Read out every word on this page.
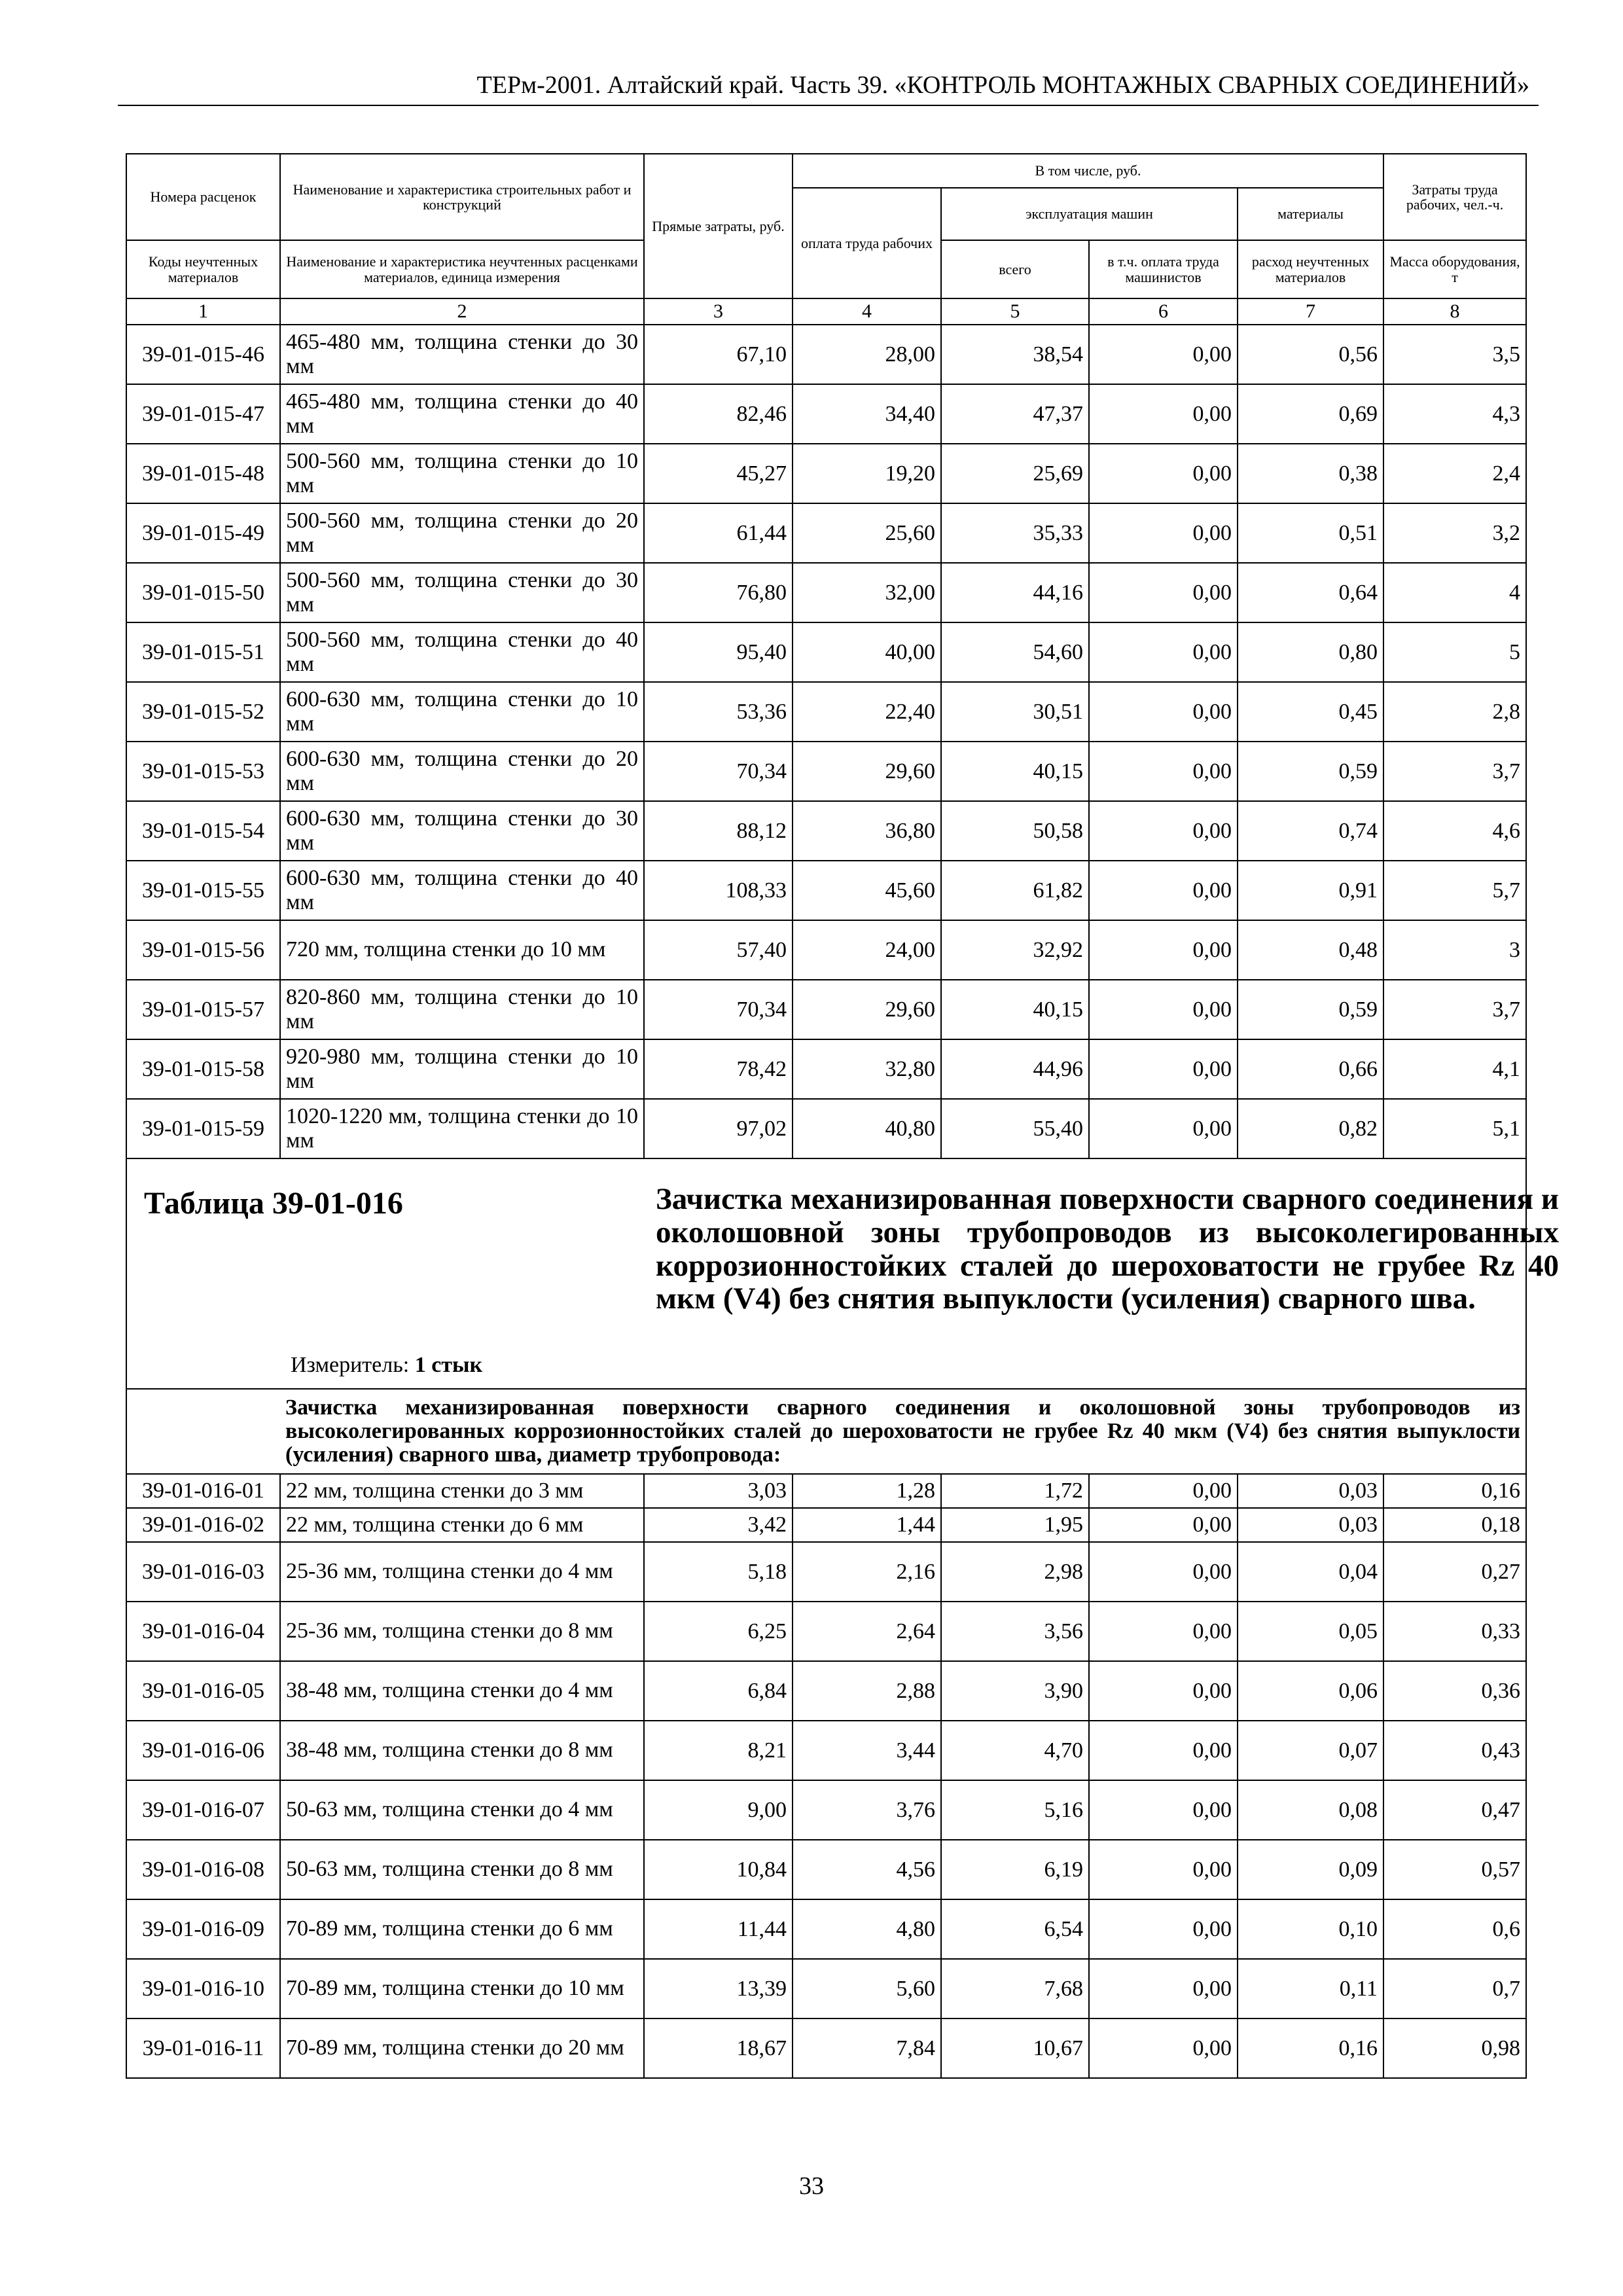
ТЕРм-2001. Алтайский край. Часть 39. «КОНТРОЛЬ МОНТАЖНЫХ СВАРНЫХ СОЕДИНЕНИЙ»
Номера расценок	Наименование и характеристика строительных работ и конструкций	Прямые затраты, руб.	В том числе, руб.				Затраты труда рабочих, чел.-ч.
			оплата труда рабочих	эксплуатация машин		материалы	
Коды неучтенных материалов	Наименование и характеристика неучтенных расценками материалов, единица измерения			всего	в т.ч. оплата труда машинистов	расход неучтенных материалов	Масса оборудования, т
1	2	3	4	5	6	7	8
39-01-015-46	465-480 мм, толщина стенки до 30 мм	67,10	28,00	38,54	0,00	0,56	3,5
39-01-015-47	465-480 мм, толщина стенки до 40 мм	82,46	34,40	47,37	0,00	0,69	4,3
39-01-015-48	500-560 мм, толщина стенки до 10 мм	45,27	19,20	25,69	0,00	0,38	2,4
39-01-015-49	500-560 мм, толщина стенки до 20 мм	61,44	25,60	35,33	0,00	0,51	3,2
39-01-015-50	500-560 мм, толщина стенки до 30 мм	76,80	32,00	44,16	0,00	0,64	4
39-01-015-51	500-560 мм, толщина стенки до 40 мм	95,40	40,00	54,60	0,00	0,80	5
39-01-015-52	600-630 мм, толщина стенки до 10 мм	53,36	22,40	30,51	0,00	0,45	2,8
39-01-015-53	600-630 мм, толщина стенки до 20 мм	70,34	29,60	40,15	0,00	0,59	3,7
39-01-015-54	600-630 мм, толщина стенки до 30 мм	88,12	36,80	50,58	0,00	0,74	4,6
39-01-015-55	600-630 мм, толщина стенки до 40 мм	108,33	45,60	61,82	0,00	0,91	5,7
39-01-015-56	720 мм, толщина стенки до 10 мм	57,40	24,00	32,92	0,00	0,48	3
39-01-015-57	820-860 мм, толщина стенки до 10 мм	70,34	29,60	40,15	0,00	0,59	3,7
39-01-015-58	920-980 мм, толщина стенки до 10 мм	78,42	32,80	44,96	0,00	0,66	4,1
39-01-015-59	1020-1220 мм, толщина стенки до 10 мм	97,02	40,80	55,40	0,00	0,82	5,1

Таблица 39-01-016 Зачистка механизированная поверхности сварного соединения и околошовной зоны трубопроводов из высоколегированных коррозионностойких сталей до шероховатости не грубее Rz 40 мкм (V4) без снятия выпуклости (усиления) сварного шва.
Измеритель: 1 стык							

	Зачистка механизированная поверхности сварного соединения и околошовной зоны трубопроводов из высоколегированных коррозионностойких сталей до шероховатости не грубее Rz 40 мкм (V4) без снятия выпуклости (усиления) сварного шва, диаметр трубопровода:						
39-01-016-01	22 мм, толщина стенки до 3 мм	3,03	1,28	1,72	0,00	0,03	0,16
39-01-016-02	22 мм, толщина стенки до 6 мм	3,42	1,44	1,95	0,00	0,03	0,18
39-01-016-03	25-36 мм, толщина стенки до 4 мм	5,18	2,16	2,98	0,00	0,04	0,27
39-01-016-04	25-36 мм, толщина стенки до 8 мм	6,25	2,64	3,56	0,00	0,05	0,33
39-01-016-05	38-48 мм, толщина стенки до 4 мм	6,84	2,88	3,90	0,00	0,06	0,36
39-01-016-06	38-48 мм, толщина стенки до 8 мм	8,21	3,44	4,70	0,00	0,07	0,43
39-01-016-07	50-63 мм, толщина стенки до 4 мм	9,00	3,76	5,16	0,00	0,08	0,47
39-01-016-08	50-63 мм, толщина стенки до 8 мм	10,84	4,56	6,19	0,00	0,09	0,57
39-01-016-09	70-89 мм, толщина стенки до 6 мм	11,44	4,80	6,54	0,00	0,10	0,6
39-01-016-10	70-89 мм, толщина стенки до 10 мм	13,39	5,60	7,68	0,00	0,11	0,7
39-01-016-11	70-89 мм, толщина стенки до 20 мм	18,67	7,84	10,67	0,00	0,16	0,98
33
